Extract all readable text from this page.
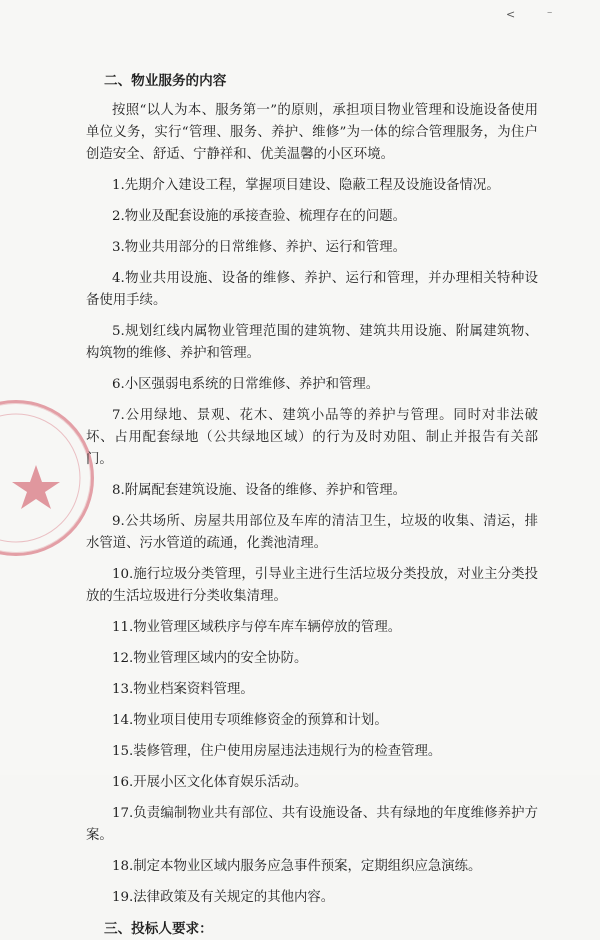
< ⁻
二、物业服务的内容

按照“以人为本、服务第一”的原则，承担项目物业管理和设施设备使用单位义务，实行“管理、服务、养护、维修”为一体的综合管理服务，为住户创造安全、舒适、宁静祥和、优美温馨的小区环境。

1.先期介入建设工程，掌握项目建设、隐蔽工程及设施设备情况。
2.物业及配套设施的承接查验、梳理存在的问题。
3.物业共用部分的日常维修、养护、运行和管理。
4.物业共用设施、设备的维修、养护、运行和管理，并办理相关特种设备使用手续。
5.规划红线内属物业管理范围的建筑物、建筑共用设施、附属建筑物、构筑物的维修、养护和管理。
6.小区强弱电系统的日常维修、养护和管理。
7.公用绿地、景观、花木、建筑小品等的养护与管理。同时对非法破坏、占用配套绿地（公共绿地区域）的行为及时劝阻、制止并报告有关部门。
8.附属配套建筑设施、设备的维修、养护和管理。
9.公共场所、房屋共用部位及车库的清洁卫生，垃圾的收集、清运，排水管道、污水管道的疏通，化粪池清理。
10.施行垃圾分类管理，引导业主进行生活垃圾分类投放，对业主分类投放的生活垃圾进行分类收集清理。
11.物业管理区域秩序与停车库车辆停放的管理。
12.物业管理区域内的安全协防。
13.物业档案资料管理。
14.物业项目使用专项维修资金的预算和计划。
15.装修管理，住户使用房屋违法违规行为的检查管理。
16.开展小区文化体育娱乐活动。
17.负责编制物业共有部位、共有设施设备、共有绿地的年度维修养护方案。
18.制定本物业区域内服务应急事件预案，定期组织应急演练。
19.法律政策及有关规定的其他内容。
三、投标人要求：
